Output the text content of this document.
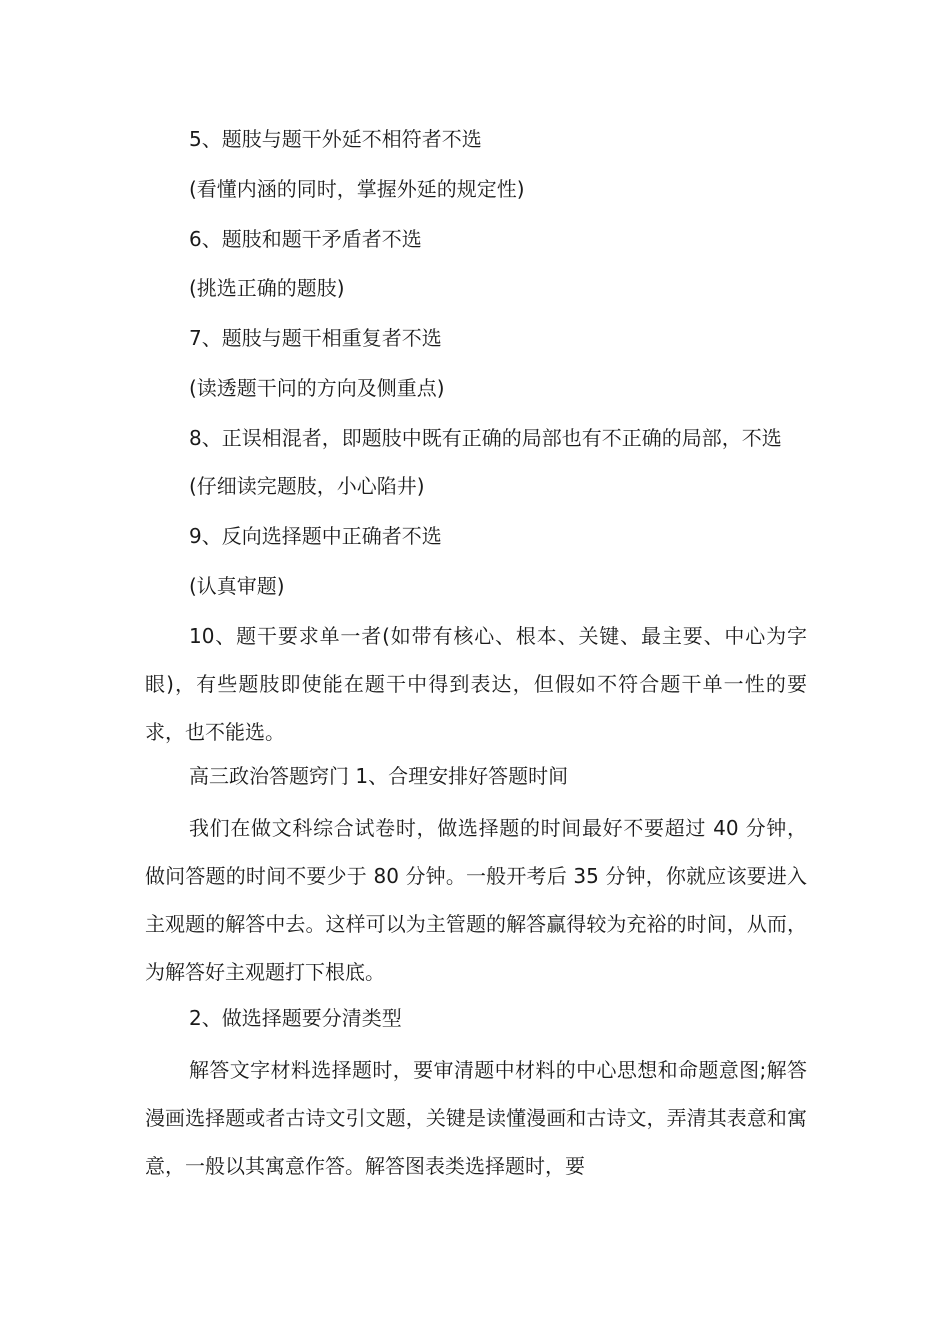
5、题肢与题干外延不相符者不选

(看懂内涵的同时，掌握外延的规定性)

6、题肢和题干矛盾者不选

(挑选正确的题肢)

7、题肢与题干相重复者不选

(读透题干问的方向及侧重点)

8、正误相混者，即题肢中既有正确的局部也有不正确的局部，不选

(仔细读完题肢，小心陷井)

9、反向选择题中正确者不选

(认真审题)

10、题干要求单一者(如带有核心、根本、关键、最主要、中心为字眼)，有些题肢即使能在题干中得到表达，但假如不符合题干单一性的要求，也不能选。

高三政治答题窍门 1、合理安排好答题时间

我们在做文科综合试卷时，做选择题的时间最好不要超过 40 分钟，做问答题的时间不要少于 80 分钟。一般开考后 35 分钟，你就应该要进入主观题的解答中去。这样可以为主管题的解答赢得较为充裕的时间，从而，为解答好主观题打下根底。

2、做选择题要分清类型

解答文字材料选择题时，要审清题中材料的中心思想和命题意图;解答漫画选择题或者古诗文引文题，关键是读懂漫画和古诗文，弄清其表意和寓意，一般以其寓意作答。解答图表类选择题时，要
